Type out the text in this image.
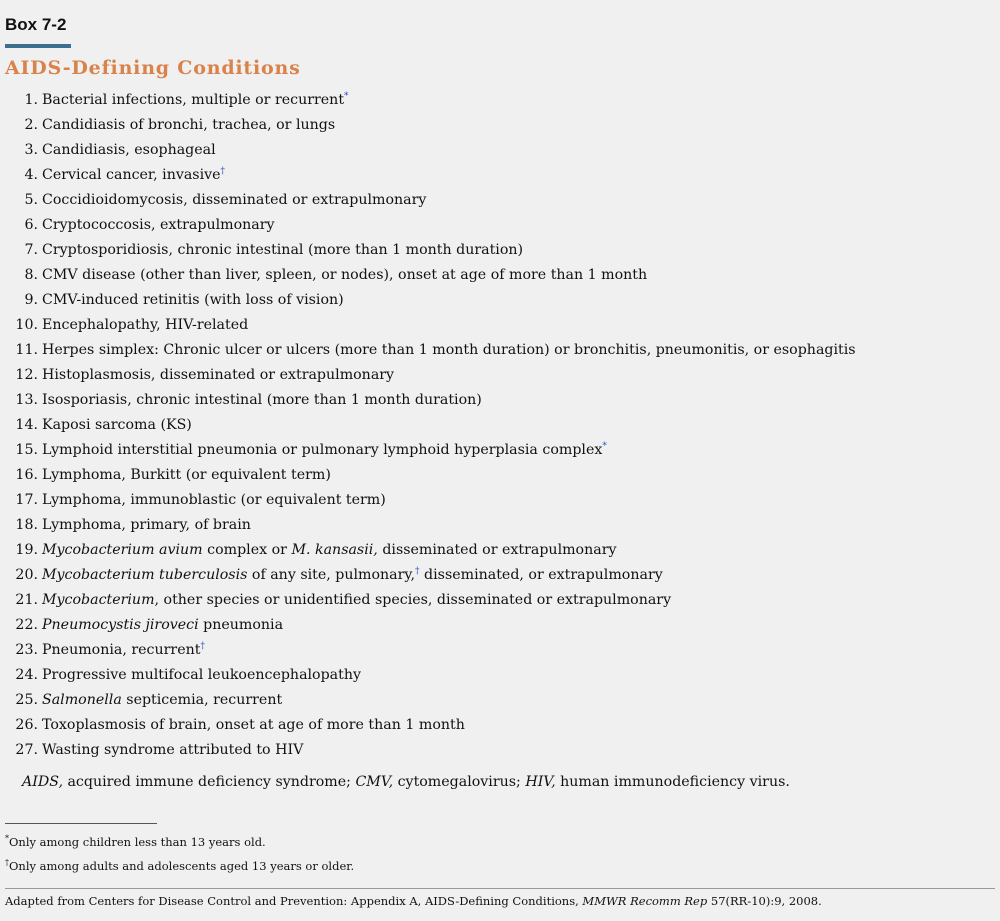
Box 7-2
AIDS-Defining Conditions
1. Bacterial infections, multiple or recurrent*
2. Candidiasis of bronchi, trachea, or lungs
3. Candidiasis, esophageal
4. Cervical cancer, invasive†
5. Coccidioidomycosis, disseminated or extrapulmonary
6. Cryptococcosis, extrapulmonary
7. Cryptosporidiosis, chronic intestinal (more than 1 month duration)
8. CMV disease (other than liver, spleen, or nodes), onset at age of more than 1 month
9. CMV-induced retinitis (with loss of vision)
10. Encephalopathy, HIV-related
11. Herpes simplex: Chronic ulcer or ulcers (more than 1 month duration) or bronchitis, pneumonitis, or esophagitis
12. Histoplasmosis, disseminated or extrapulmonary
13. Isosporiasis, chronic intestinal (more than 1 month duration)
14. Kaposi sarcoma (KS)
15. Lymphoid interstitial pneumonia or pulmonary lymphoid hyperplasia complex*
16. Lymphoma, Burkitt (or equivalent term)
17. Lymphoma, immunoblastic (or equivalent term)
18. Lymphoma, primary, of brain
19. Mycobacterium avium complex or M. kansasii, disseminated or extrapulmonary
20. Mycobacterium tuberculosis of any site, pulmonary,† disseminated, or extrapulmonary
21. Mycobacterium, other species or unidentified species, disseminated or extrapulmonary
22. Pneumocystis jiroveci pneumonia
23. Pneumonia, recurrent†
24. Progressive multifocal leukoencephalopathy
25. Salmonella septicemia, recurrent
26. Toxoplasmosis of brain, onset at age of more than 1 month
27. Wasting syndrome attributed to HIV
AIDS, acquired immune deficiency syndrome; CMV, cytomegalovirus; HIV, human immunodeficiency virus.
*Only among children less than 13 years old.
†Only among adults and adolescents aged 13 years or older.
Adapted from Centers for Disease Control and Prevention: Appendix A, AIDS-Defining Conditions, MMWR Recomm Rep 57(RR-10):9, 2008.
